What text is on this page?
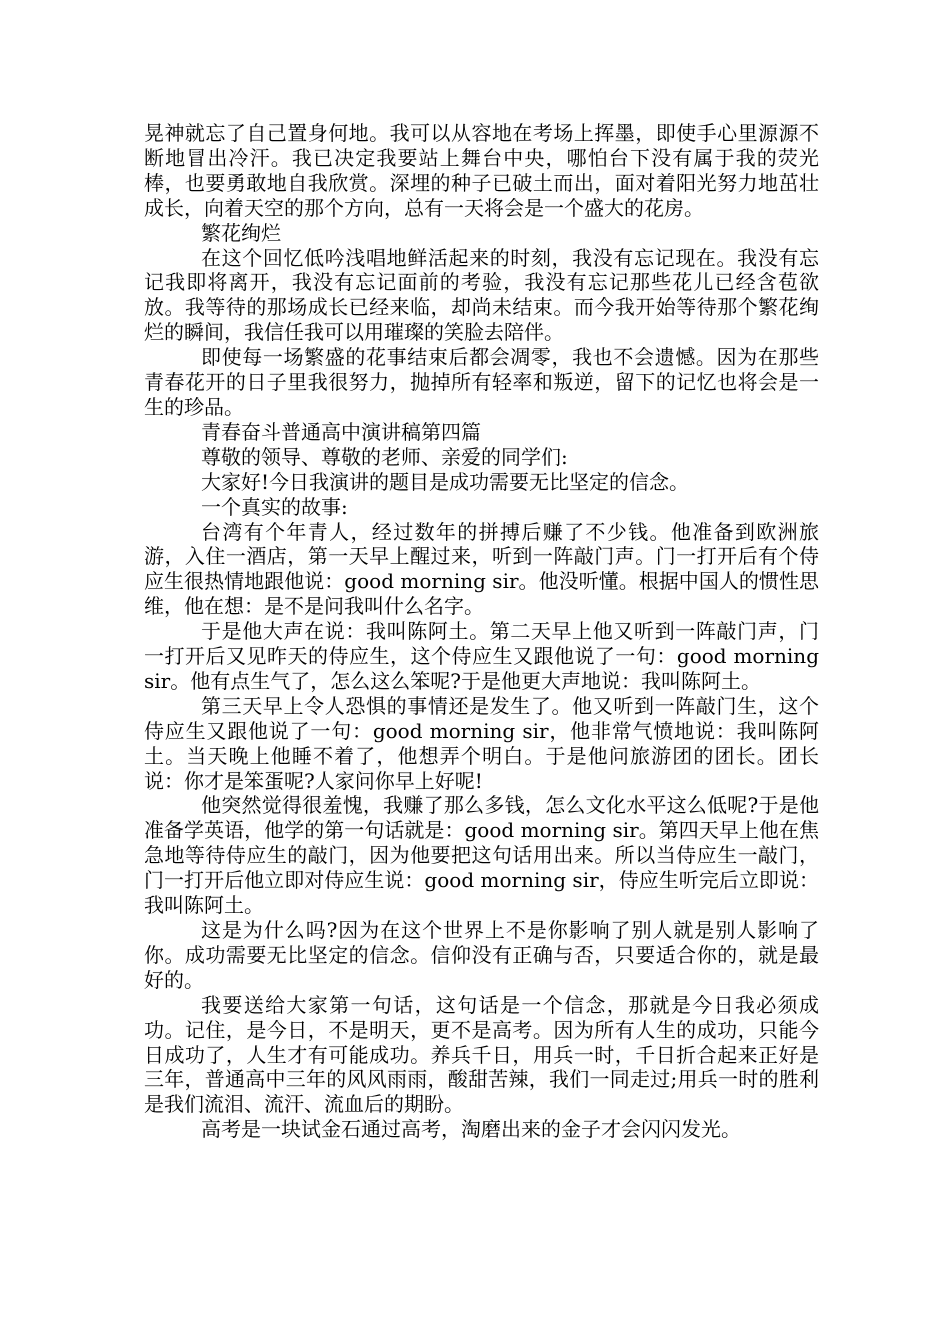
晃神就忘了自己置身何地。我可以从容地在考场上挥墨，即使手心里源源不断地冒出冷汗。我已决定我要站上舞台中央，哪怕台下没有属于我的荧光棒，也要勇敢地自我欣赏。深埋的种子已破土而出，面对着阳光努力地茁壮成长，向着天空的那个方向，总有一天将会是一个盛大的花房。

繁花绚烂

在这个回忆低吟浅唱地鲜活起来的时刻，我没有忘记现在。我没有忘记我即将离开，我没有忘记面前的考验，我没有忘记那些花儿已经含苞欲放。我等待的那场成长已经来临，却尚未结束。而今我开始等待那个繁花绚烂的瞬间，我信任我可以用璀璨的笑脸去陪伴。

即使每一场繁盛的花事结束后都会凋零，我也不会遗憾。因为在那些青春花开的日子里我很努力，抛掉所有轻率和叛逆，留下的记忆也将会是一生的珍品。

青春奋斗普通高中演讲稿第四篇

尊敬的领导、尊敬的老师、亲爱的同学们:

大家好!今日我演讲的题目是成功需要无比坚定的信念。

一个真实的故事:

台湾有个年青人，经过数年的拼搏后赚了不少钱。他准备到欧洲旅游，入住一酒店，第一天早上醒过来，听到一阵敲门声。门一打开后有个侍应生很热情地跟他说：good morning sir。他没听懂。根据中国人的惯性思维，他在想：是不是问我叫什么名字。

于是他大声在说：我叫陈阿土。第二天早上他又听到一阵敲门声，门一打开后又见昨天的侍应生，这个侍应生又跟他说了一句：good morning sir。他有点生气了，怎么这么笨呢?于是他更大声地说：我叫陈阿土。

第三天早上令人恐惧的事情还是发生了。他又听到一阵敲门生，这个侍应生又跟他说了一句：good morning sir，他非常气愤地说：我叫陈阿土。当天晚上他睡不着了，他想弄个明白。于是他问旅游团的团长。团长说：你才是笨蛋呢?人家问你早上好呢!

他突然觉得很羞愧，我赚了那么多钱，怎么文化水平这么低呢?于是他准备学英语，他学的第一句话就是：good morning sir。第四天早上他在焦急地等待侍应生的敲门，因为他要把这句话用出来。所以当侍应生一敲门，门一打开后他立即对侍应生说：good morning sir，侍应生听完后立即说：我叫陈阿土。

这是为什么吗?因为在这个世界上不是你影响了别人就是别人影响了你。成功需要无比坚定的信念。信仰没有正确与否，只要适合你的，就是最好的。

我要送给大家第一句话，这句话是一个信念，那就是今日我必须成功。记住，是今日，不是明天，更不是高考。因为所有人生的成功，只能今日成功了，人生才有可能成功。养兵千日，用兵一时，千日折合起来正好是三年，普通高中三年的风风雨雨，酸甜苦辣，我们一同走过;用兵一时的胜利是我们流泪、流汗、流血后的期盼。

高考是一块试金石通过高考，淘磨出来的金子才会闪闪发光。
